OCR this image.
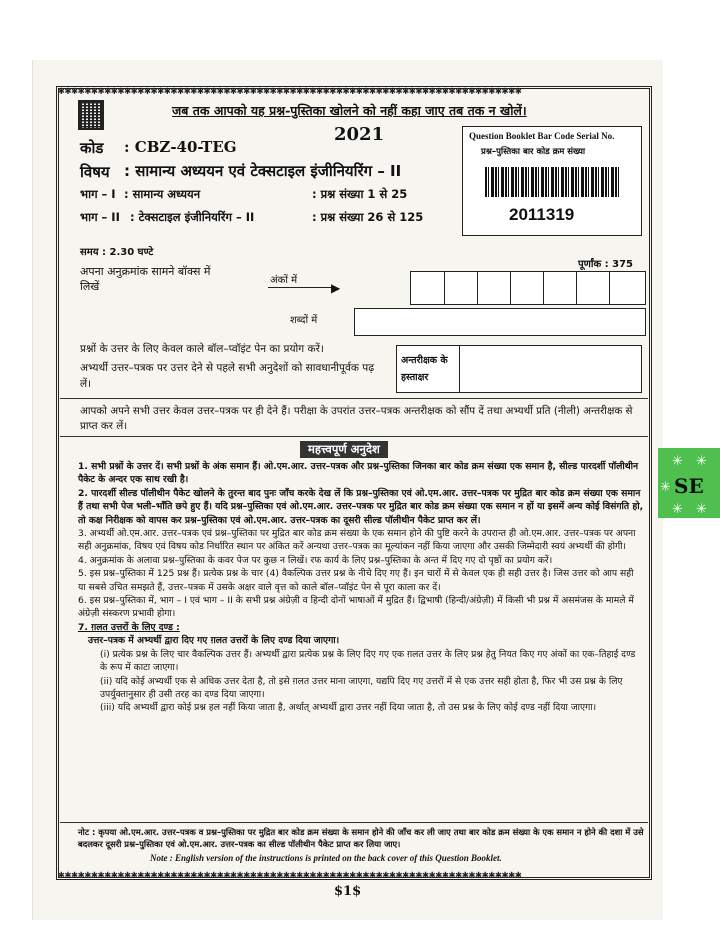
✱✱✱✱✱✱✱✱✱✱✱✱✱✱✱✱✱✱✱✱✱✱✱✱✱✱✱✱✱✱✱✱✱✱✱✱✱✱✱✱✱✱✱✱✱✱✱✱✱✱✱✱✱✱✱✱✱✱✱✱✱✱✱✱✱✱✱✱✱✱
✱✱✱✱✱✱✱✱✱✱✱✱✱✱✱✱✱✱✱✱✱✱✱✱✱✱✱✱✱✱✱✱✱✱✱✱✱✱✱✱✱✱✱✱✱✱✱✱✱✱✱✱✱✱✱✱✱✱✱✱✱✱✱✱✱✱✱✱✱✱
जब तक आपको यह प्रश्न-पुस्तिका खोलने को नहीं कहा जाए तब तक न खोलें।
कोड : CBZ-40-TEG
2021
विषय : सामान्य अध्ययन एवं टेक्सटाइल इंजीनियरिंग – II
भाग – I : सामान्य अध्ययन	: प्रश्न संख्या 1 से 25
भाग – II : टेक्सटाइल इंजीनियरिंग – II	: प्रश्न संख्या 26 से 125
Question Booklet Bar Code Serial No.
प्रश्न–पुस्तिका बार कोड क्रम संख्या
2011319
समय : 2.30 घण्टे
पूर्णांक : 375
अपना अनुक्रमांक सामने बॉक्स में लिखें	अंकों में
▶
शब्दों में
प्रश्नों के उत्तर के लिए केवल काले बॉल–प्वॉइंट पेन का प्रयोग करें।
अभ्यर्थी उत्तर–पत्रक पर उत्तर देने से पहले सभी अनुदेशों को सावधानीपूर्वक पढ़ लें।
अन्तरीक्षक के हस्ताक्षर
आपको अपने सभी उत्तर केवल उत्तर–पत्रक पर ही देने हैं। परीक्षा के उपरांत उत्तर–पत्रक अन्तरीक्षक को सौंप दें तथा अभ्यर्थी प्रति (नीली) अन्तरीक्षक से प्राप्त कर लें।
महत्त्वपूर्ण अनुदेश

1. सभी प्रश्नों के उत्तर दें। सभी प्रश्नों के अंक समान हैं। ओ.एम.आर. उत्तर–पत्रक और प्रश्न–पुस्तिका जिनका बार कोड क्रम संख्या एक समान है, सील्ड पारदर्शी पॉलीथीन पैकेट के अन्दर एक साथ रखी है।

2. पारदर्शी सील्ड पॉलीथीन पैकेट खोलने के तुरन्त बाद पुनः जाँच करके देख लें कि प्रश्न–पुस्तिका एवं ओ.एम.आर. उत्तर–पत्रक पर मुद्रित बार कोड क्रम संख्या एक समान हैं तथा सभी पेज भली–भाँति छपे हुए हैं। यदि प्रश्न–पुस्तिका एवं ओ.एम.आर. उत्तर–पत्रक पर मुद्रित बार कोड क्रम संख्या एक समान न हों या इसमें अन्य कोई विसंगति हो, तो कक्ष निरीक्षक को वापस कर प्रश्न–पुस्तिका एवं ओ.एम.आर. उत्तर–पत्रक का दूसरी सील्ड पॉलीथीन पैकेट प्राप्त कर लें।

3. अभ्यर्थी ओ.एम.आर. उत्तर–पत्रक एवं प्रश्न–पुस्तिका पर मुद्रित बार कोड क्रम संख्या के एक समान होने की पुष्टि करने के उपरान्त ही ओ.एम.आर. उत्तर–पत्रक पर अपना सही अनुक्रमांक, विषय एवं विषय कोड निर्धारित स्थान पर अंकित करें अन्यथा उत्तर–पत्रक का मूल्यांकन नहीं किया जाएगा और उसकी जिम्मेदारी स्वयं अभ्यर्थी की होगी।

4. अनुक्रमांक के अलावा प्रश्न–पुस्तिका के कवर पेज पर कुछ न लिखें। रफ कार्य के लिए प्रश्न–पुस्तिका के अन्त में दिए गए दो पृष्ठों का प्रयोग करें।

5. इस प्रश्न–पुस्तिका में 125 प्रश्न हैं। प्रत्येक प्रश्न के चार (4) वैकल्पिक उत्तर प्रश्न के नीचे दिए गए हैं। इन चारों में से केवल एक ही सही उत्तर है। जिस उत्तर को आप सही या सबसे उचित समझते हैं, उत्तर–पत्रक में उसके अक्षर वाले वृत्त को काले बॉल–प्वॉइंट पेन से पूरा काला कर दें।

6. इस प्रश्न–पुस्तिका में, भाग – I एवं भाग – II के सभी प्रश्न अंग्रेज़ी व हिन्दी दोनों भाषाओं में मुद्रित हैं। द्विभाषी (हिन्दी/अंग्रेज़ी) में किसी भी प्रश्न में असमंजस के मामले में अंग्रेज़ी संस्करण प्रभावी होगा।

7. ग़लत उत्तरों के लिए दण्ड :

उत्तर–पत्रक में अभ्यर्थी द्वारा दिए गए ग़लत उत्तरों के लिए दण्ड दिया जाएगा।

(i) प्रत्येक प्रश्न के लिए चार वैकल्पिक उत्तर हैं। अभ्यर्थी द्वारा प्रत्येक प्रश्न के लिए दिए गए एक ग़लत उत्तर के लिए प्रश्न हेतु नियत किए गए अंकों का एक–तिहाई दण्ड के रूप में काटा जाएगा।

(ii) यदि कोई अभ्यर्थी एक से अधिक उत्तर देता है, तो इसे ग़लत उत्तर माना जाएगा, यद्यपि दिए गए उत्तरों में से एक उत्तर सही होता है, फिर भी उस प्रश्न के लिए उपर्युक्तानुसार ही उसी तरह का दण्ड दिया जाएगा।

(iii) यदि अभ्यर्थी द्वारा कोई प्रश्न हल नहीं किया जाता है, अर्थात् अभ्यर्थी द्वारा उत्तर नहीं दिया जाता है, तो उस प्रश्न के लिए कोई दण्ड नहीं दिया जाएगा।

नोट : कृपया ओ.एम.आर. उत्तर–पत्रक व प्रश्न–पुस्तिका पर मुद्रित बार कोड क्रम संख्या के समान होने की जाँच कर ली जाए तथा बार कोड क्रम संख्या के एक समान न होने की दशा में उसे बदलकर दूसरी प्रश्न–पुस्तिका एवं ओ.एम.आर. उत्तर–पत्रक का सील्ड पॉलीथीन पैकेट प्राप्त कर लिया जाए।
Note : English version of the instructions is printed on the back cover of this Question Booklet.
$1$
✳ ✳
✳ SE
✳ ✳
